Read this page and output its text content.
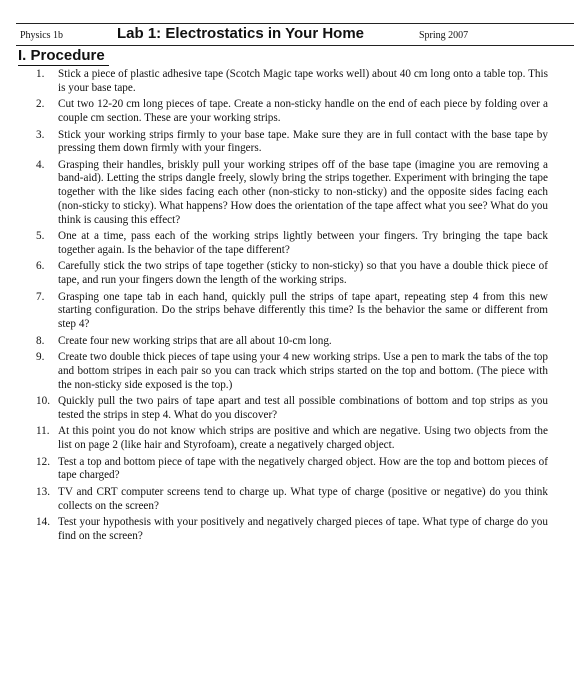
Physics 1b	Lab 1: Electrostatics in Your Home	Spring 2007
I. Procedure
1. Stick a piece of plastic adhesive tape (Scotch Magic tape works well) about 40 cm long onto a table top. This is your base tape.
2. Cut two 12-20 cm long pieces of tape. Create a non-sticky handle on the end of each piece by folding over a couple cm section. These are your working strips.
3. Stick your working strips firmly to your base tape. Make sure they are in full contact with the base tape by pressing them down firmly with your fingers.
4. Grasping their handles, briskly pull your working stripes off of the base tape (imagine you are removing a band-aid). Letting the strips dangle freely, slowly bring the strips together. Experiment with bringing the tape together with the like sides facing each other (non-sticky to non-sticky) and the opposite sides facing each (non-sticky to sticky). What happens? How does the orientation of the tape affect what you see? What do you think is causing this effect?
5. One at a time, pass each of the working strips lightly between your fingers. Try bringing the tape back together again. Is the behavior of the tape different?
6. Carefully stick the two strips of tape together (sticky to non-sticky) so that you have a double thick piece of tape, and run your fingers down the length of the working strips.
7. Grasping one tape tab in each hand, quickly pull the strips of tape apart, repeating step 4 from this new starting configuration. Do the strips behave differently this time? Is the behavior the same or different from step 4?
8. Create four new working strips that are all about 10-cm long.
9. Create two double thick pieces of tape using your 4 new working strips. Use a pen to mark the tabs of the top and bottom stripes in each pair so you can track which strips started on the top and bottom. (The piece with the non-sticky side exposed is the top.)
10. Quickly pull the two pairs of tape apart and test all possible combinations of bottom and top strips as you tested the strips in step 4. What do you discover?
11. At this point you do not know which strips are positive and which are negative. Using two objects from the list on page 2 (like hair and Styrofoam), create a negatively charged object.
12. Test a top and bottom piece of tape with the negatively charged object. How are the top and bottom pieces of tape charged?
13. TV and CRT computer screens tend to charge up. What type of charge (positive or negative) do you think collects on the screen?
14. Test your hypothesis with your positively and negatively charged pieces of tape. What type of charge do you find on the screen?
